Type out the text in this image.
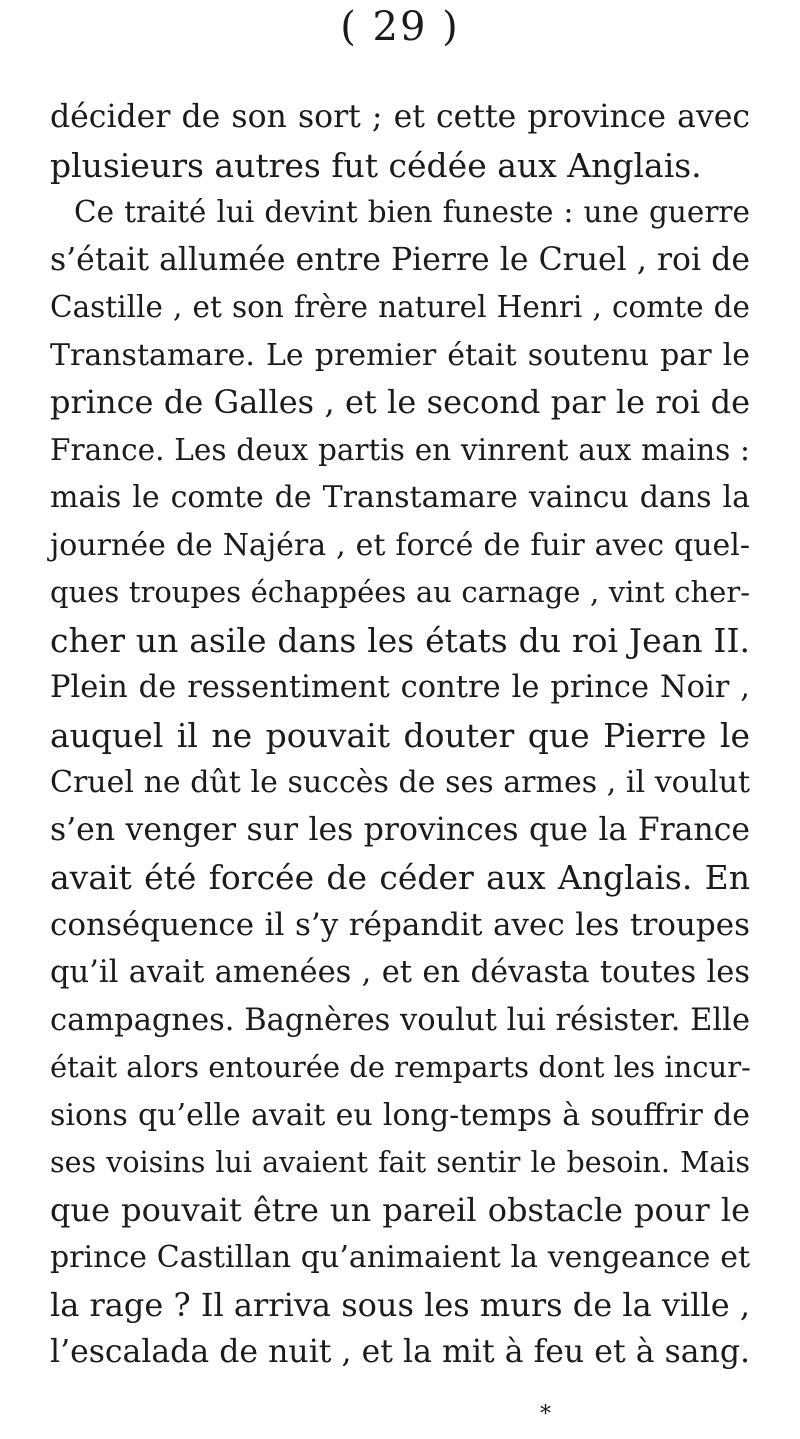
( 29 )
décider de son sort ; et cette province avec
plusieurs autres fut cédée aux Anglais.
Ce traité lui devint bien funeste : une guerre
s’était allumée entre Pierre le Cruel , roi de
Castille , et son frère naturel Henri , comte de
Transtamare. Le premier était soutenu par le
prince de Galles , et le second par le roi de
France. Les deux partis en vinrent aux mains :
mais le comte de Transtamare vaincu dans la
journée de Najéra , et forcé de fuir avec quel-
ques troupes échappées au carnage , vint cher-
cher un asile dans les états du roi Jean II.
Plein de ressentiment contre le prince Noir ,
auquel il ne pouvait douter que Pierre le
Cruel ne dût le succès de ses armes , il voulut
s’en venger sur les provinces que la France
avait été forcée de céder aux Anglais. En
conséquence il s’y répandit avec les troupes
qu’il avait amenées , et en dévasta toutes les
campagnes. Bagnères voulut lui résister. Elle
était alors entourée de remparts dont les incur-
sions qu’elle avait eu long-temps à souffrir de
ses voisins lui avaient fait sentir le besoin. Mais
que pouvait être un pareil obstacle pour le
prince Castillan qu’animaient la vengeance et
la rage ? Il arriva sous les murs de la ville ,
l’escalada de nuit , et la mit à feu et à sang.
*
